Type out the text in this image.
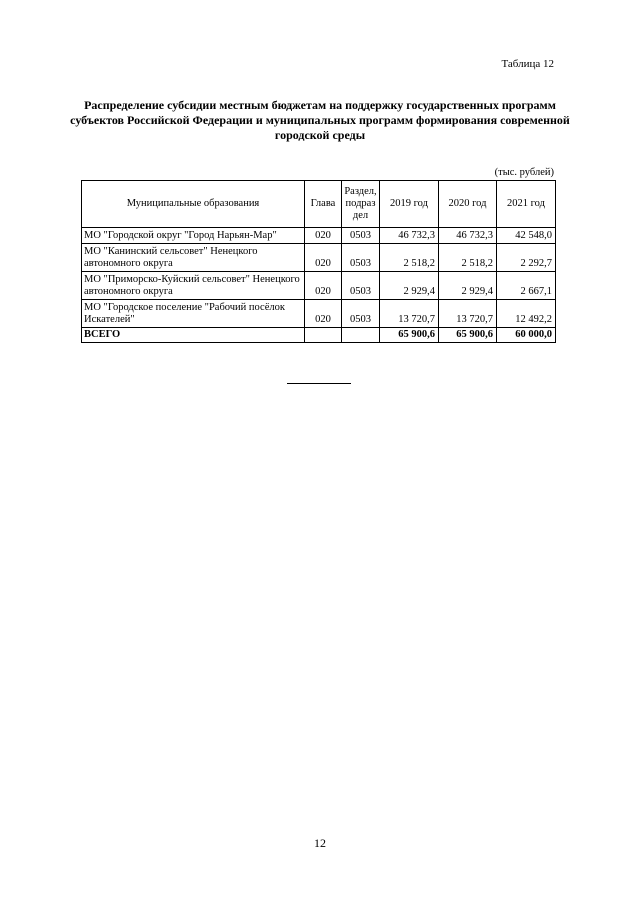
Таблица 12
Распределение субсидии местным бюджетам на поддержку государственных программ субъектов Российской Федерации и муниципальных программ формирования современной городской среды
(тыс. рублей)
Муниципальные образования	Глава	Раздел, подраз дел	2019 год	2020 год	2021 год
МО "Городской округ "Город Нарьян-Мар"	020	0503	46 732,3	46 732,3	42 548,0
МО "Канинский сельсовет" Ненецкого автономного округа	020	0503	2 518,2	2 518,2	2 292,7
МО "Приморско-Куйский сельсовет" Ненецкого автономного округа	020	0503	2 929,4	2 929,4	2 667,1
МО "Городское поселение "Рабочий посёлок Искателей"	020	0503	13 720,7	13 720,7	12 492,2
ВСЕГО			65 900,6	65 900,6	60 000,0
12
